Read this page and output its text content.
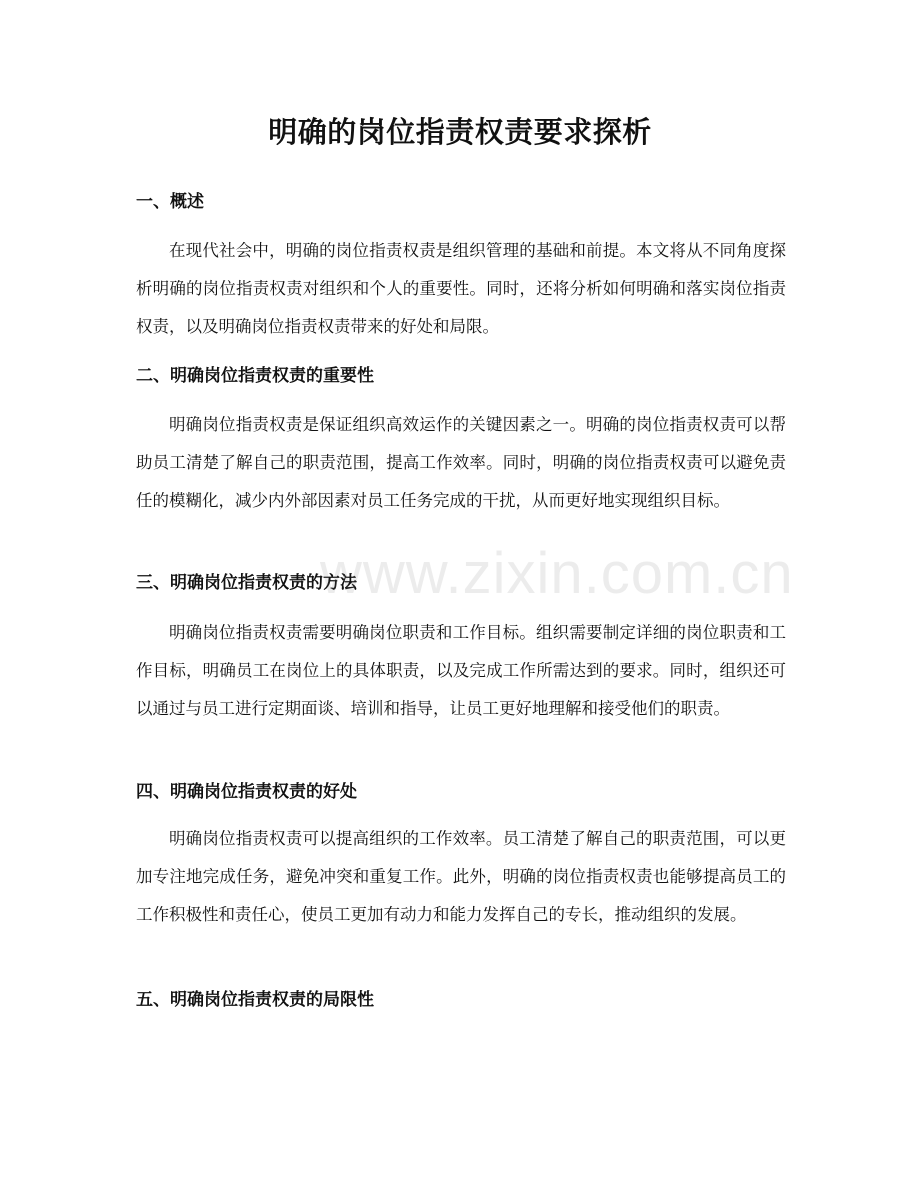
明确的岗位指责权责要求探析
一、概述

在现代社会中，明确的岗位指责权责是组织管理的基础和前提。本文将从不同角度探析明确的岗位指责权责对组织和个人的重要性。同时，还将分析如何明确和落实岗位指责权责，以及明确岗位指责权责带来的好处和局限。

二、明确岗位指责权责的重要性

明确岗位指责权责是保证组织高效运作的关键因素之一。明确的岗位指责权责可以帮助员工清楚了解自己的职责范围，提高工作效率。同时，明确的岗位指责权责可以避免责任的模糊化，减少内外部因素对员工任务完成的干扰，从而更好地实现组织目标。

三、明确岗位指责权责的方法

明确岗位指责权责需要明确岗位职责和工作目标。组织需要制定详细的岗位职责和工作目标，明确员工在岗位上的具体职责，以及完成工作所需达到的要求。同时，组织还可以通过与员工进行定期面谈、培训和指导，让员工更好地理解和接受他们的职责。

四、明确岗位指责权责的好处

明确岗位指责权责可以提高组织的工作效率。员工清楚了解自己的职责范围，可以更加专注地完成任务，避免冲突和重复工作。此外，明确的岗位指责权责也能够提高员工的工作积极性和责任心，使员工更加有动力和能力发挥自己的专长，推动组织的发展。

五、明确岗位指责权责的局限性
www.zixin.com.cn
